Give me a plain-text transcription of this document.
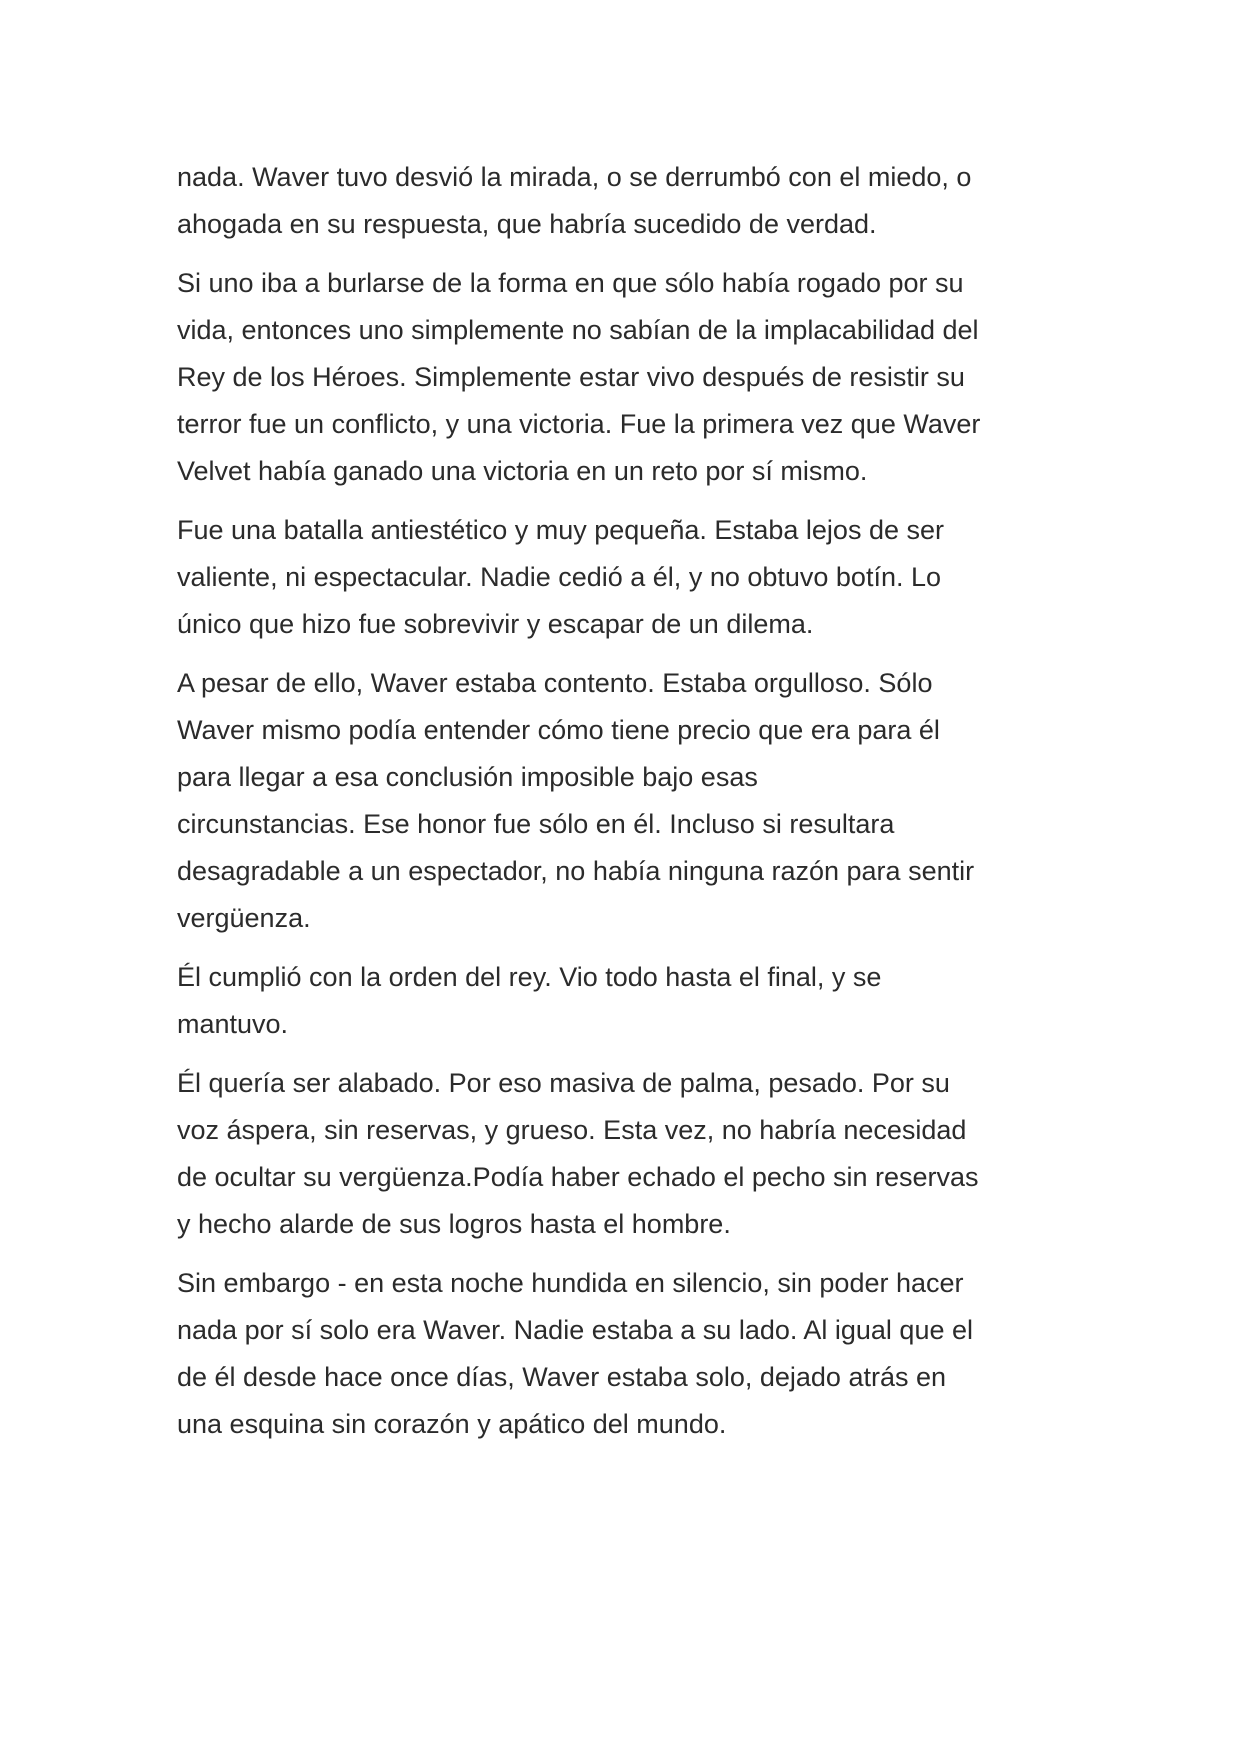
nada. Waver tuvo desvió la mirada, o se derrumbó con el miedo, o
ahogada en su respuesta, que habría sucedido de verdad.

Si uno iba a burlarse de la forma en que sólo había rogado por su
vida, entonces uno simplemente no sabían de la implacabilidad del
Rey de los Héroes. Simplemente estar vivo después de resistir su
terror fue un conflicto, y una victoria. Fue la primera vez que Waver
Velvet había ganado una victoria en un reto por sí mismo.

Fue una batalla antiestético y muy pequeña. Estaba lejos de ser
valiente, ni espectacular. Nadie cedió a él, y no obtuvo botín. Lo
único que hizo fue sobrevivir y escapar de un dilema.

A pesar de ello, Waver estaba contento. Estaba orgulloso. Sólo
Waver mismo podía entender cómo tiene precio que era para él
para llegar a esa conclusión imposible bajo esas
circunstancias. Ese honor fue sólo en él. Incluso si resultara
desagradable a un espectador, no había ninguna razón para sentir
vergüenza.

Él cumplió con la orden del rey. Vio todo hasta el final, y se
mantuvo.

Él quería ser alabado. Por eso masiva de palma, pesado. Por su
voz áspera, sin reservas, y grueso. Esta vez, no habría necesidad
de ocultar su vergüenza.Podía haber echado el pecho sin reservas
y hecho alarde de sus logros hasta el hombre.

Sin embargo - en esta noche hundida en silencio, sin poder hacer
nada por sí solo era Waver. Nadie estaba a su lado. Al igual que el
de él desde hace once días, Waver estaba solo, dejado atrás en
una esquina sin corazón y apático del mundo.
